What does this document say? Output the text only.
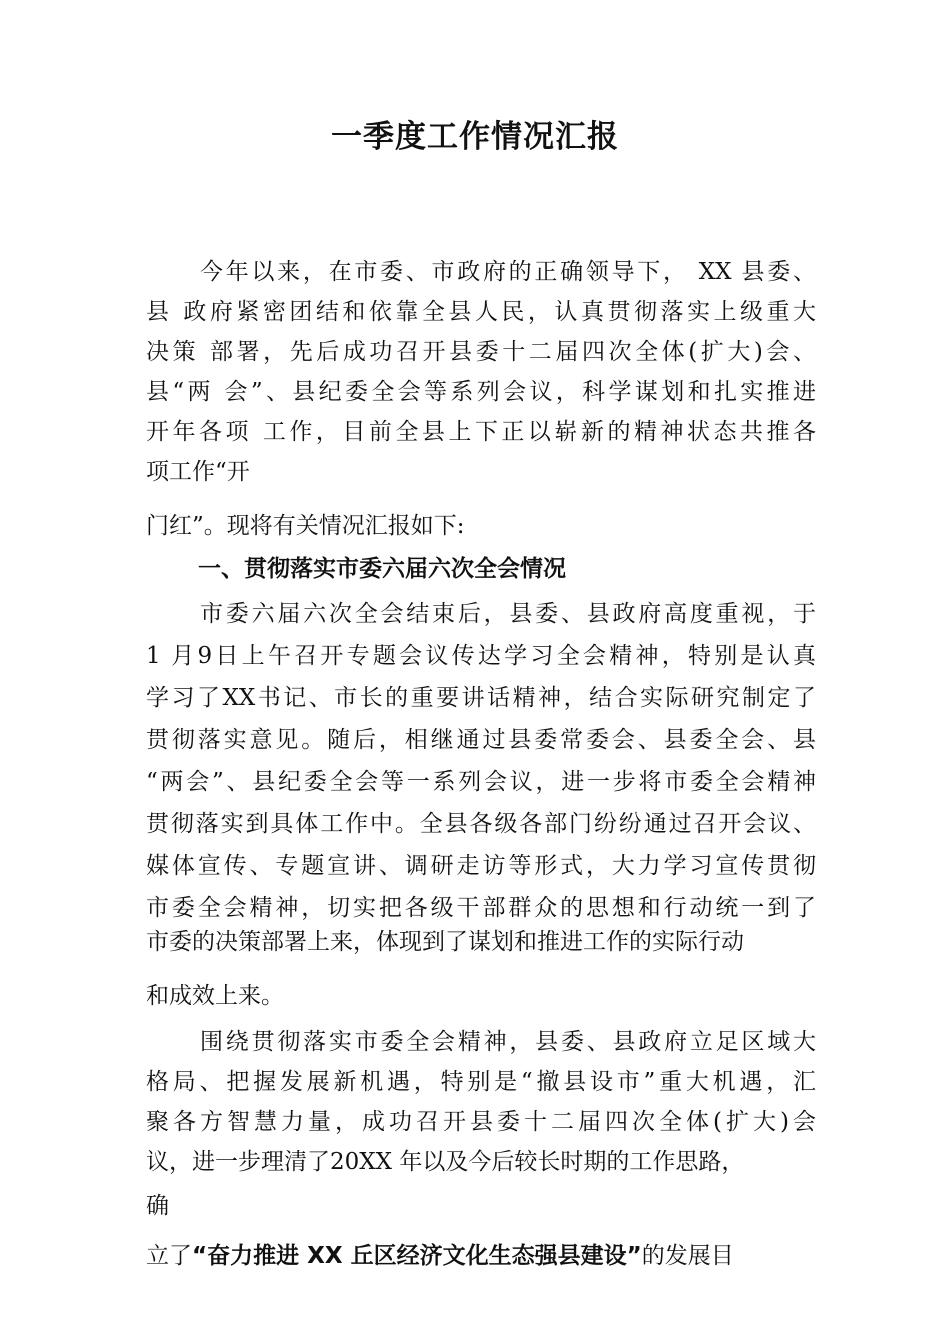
一季度工作情况汇报
今年以来，在市委、市政府的正确领导下， XX 县委、
县 政府紧密团结和依靠全县人民，认真贯彻落实上级重大
决策 部署，先后成功召开县委十二届四次全体(扩大)会、
县“两 会”、县纪委全会等系列会议，科学谋划和扎实推进
开年各项 工作，目前全县上下正以崭新的精神状态共推各
项工作“开
门红”。现将有关情况汇报如下:
一、贯彻落实市委六届六次全会情况
市委六届六次全会结束后，县委、县政府高度重视，于
1 月9日上午召开专题会议传达学习全会精神，特别是认真
学习了XX书记、市长的重要讲话精神，结合实际研究制定了
贯彻落实意见。随后，相继通过县委常委会、县委全会、县
“两会”、县纪委全会等一系列会议，进一步将市委全会精神
贯彻落实到具体工作中。全县各级各部门纷纷通过召开会议、
媒体宣传、专题宣讲、调研走访等形式，大力学习宣传贯彻
市委全会精神，切实把各级干部群众的思想和行动统一到了
市委的决策部署上来，体现到了谋划和推进工作的实际行动
和成效上来。
围绕贯彻落实市委全会精神，县委、县政府立足区域大
格局、把握发展新机遇，特别是“撤县设市”重大机遇，汇
聚各方智慧力量，成功召开县委十二届四次全体(扩大)会
议，进一步理清了20XX 年以及今后较长时期的工作思路，
确
立了“奋力推进 XX 丘区经济文化生态强县建设”的发展目
